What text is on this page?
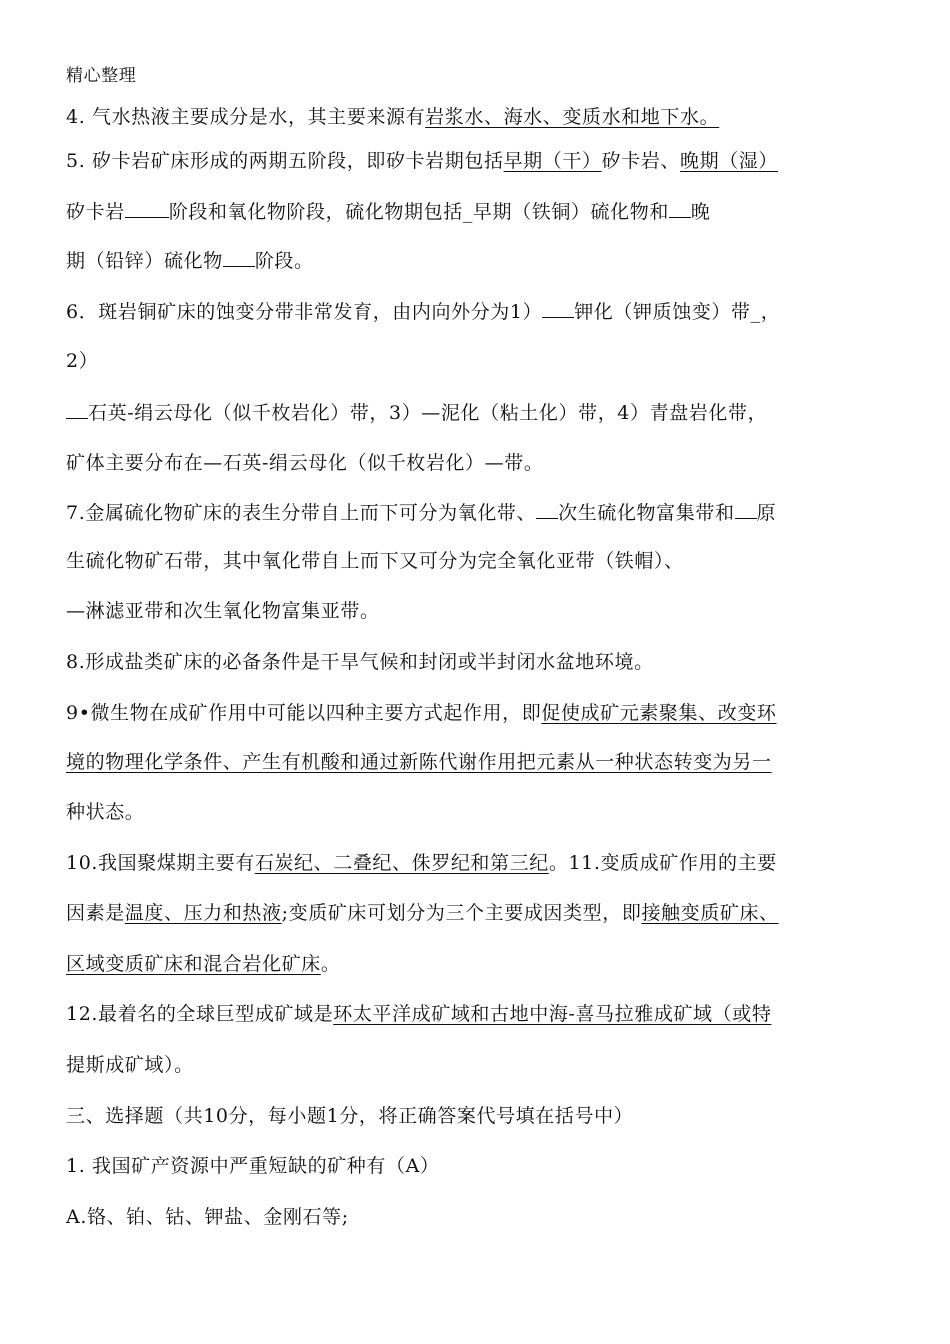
精心整理
4. 气水热液主要成分是水，其主要来源有岩浆水、海水、变质水和地下水。
5. 矽卡岩矿床形成的两期五阶段，即矽卡岩期包括早期（干）矽卡岩、晚期（湿）
矽卡岩 阶段和氧化物阶段，硫化物期包括_早期（铁铜）硫化物和 晚
期（铅锌）硫化物 阶段。
6．斑岩铜矿床的蚀变分带非常发育，由内向外分为1） 钾化（钾质蚀变）带_，
2）
石英-绢云母化（似千枚岩化）带，3）—泥化（粘土化）带，4）青盘岩化带，
矿体主要分布在—石英-绢云母化（似千枚岩化）—带。
7.金属硫化物矿床的表生分带自上而下可分为氧化带、 次生硫化物富集带和 原
生硫化物矿石带，其中氧化带自上而下又可分为完全氧化亚带（铁帽）、
—淋滤亚带和次生氧化物富集亚带。
8.形成盐类矿床的必备条件是干旱气候和封闭或半封闭水盆地环境。
9•微生物在成矿作用中可能以四种主要方式起作用，即促使成矿元素聚集、改变环
境的物理化学条件、产生有机酸和通过新陈代谢作用把元素从一种状态转变为另一
种状态。
10.我国聚煤期主要有石炭纪、二叠纪、侏罗纪和第三纪。11.变质成矿作用的主要
因素是温度、压力和热液;变质矿床可划分为三个主要成因类型，即接触变质矿床、
区域变质矿床和混合岩化矿床。
12.最着名的全球巨型成矿域是环太平洋成矿域和古地中海-喜马拉雅成矿域（或特
提斯成矿域）。
三、选择题（共10分，每小题1分，将正确答案代号填在括号中）
1. 我国矿产资源中严重短缺的矿种有（A）
A.铬、铂、钴、钾盐、金刚石等;
